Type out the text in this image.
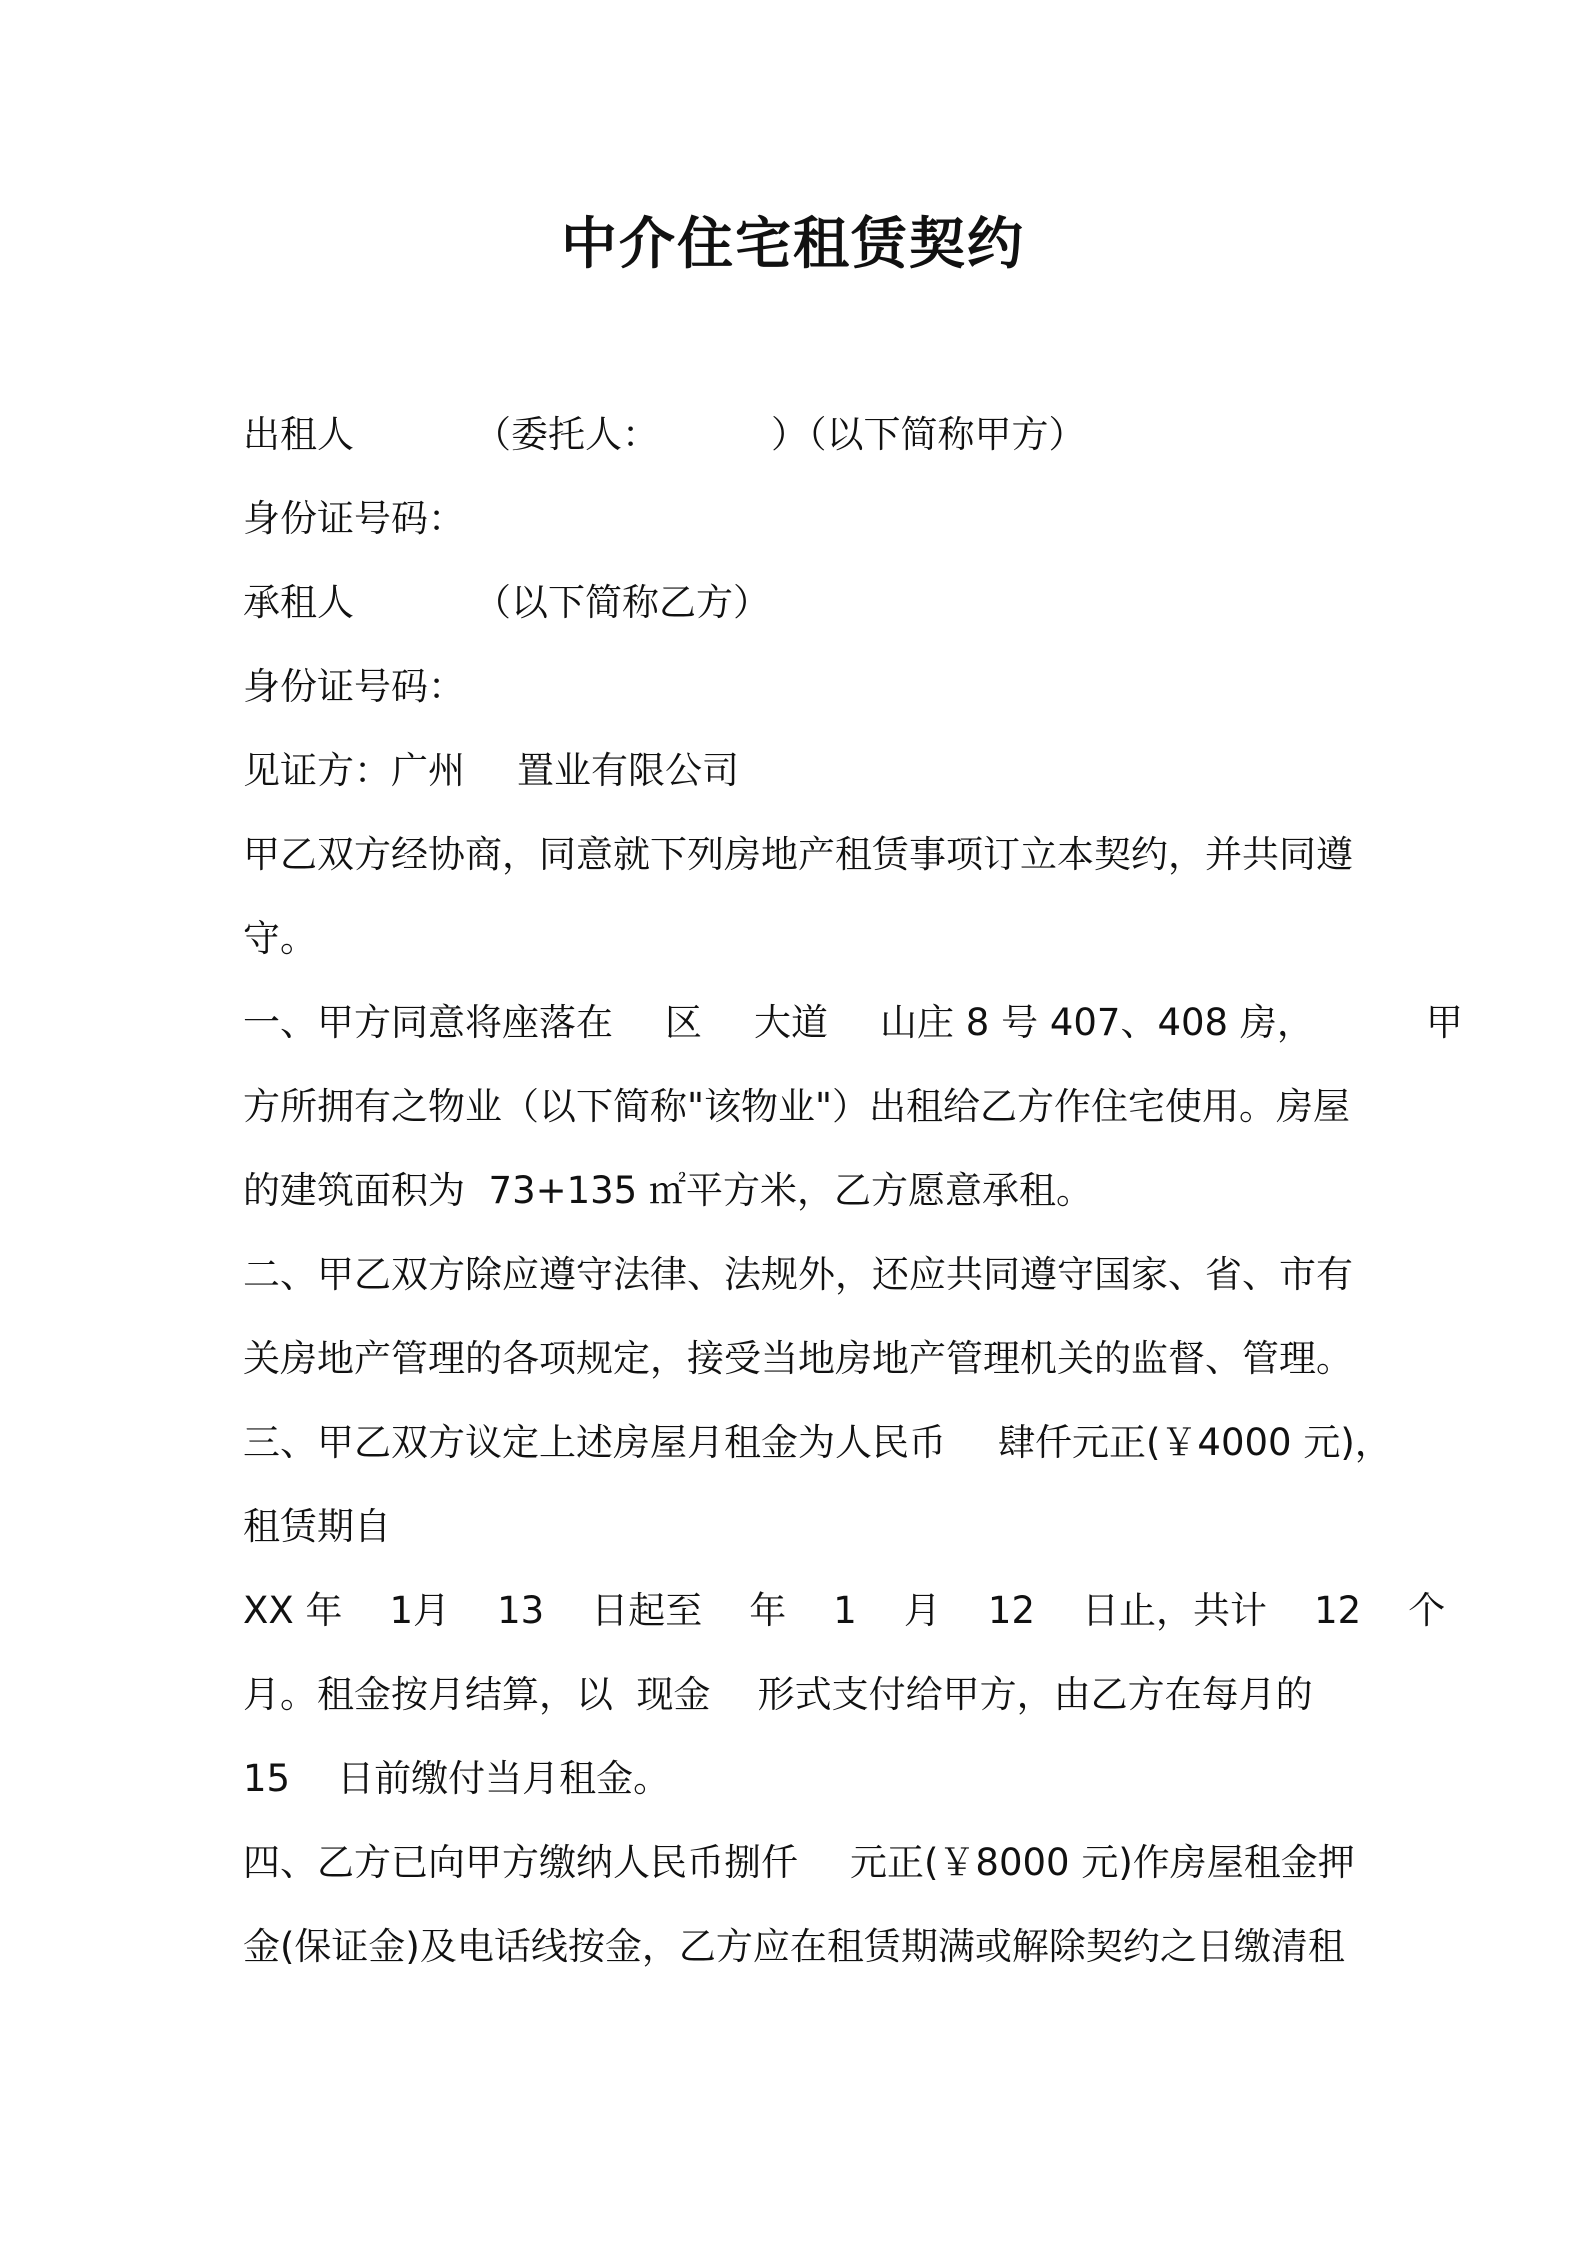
中介住宅租赁契约
出租人	（委托人：	）（以下简称甲方）
身份证号码：
承租人	（以下简称乙方）
身份证号码：
见证方：广州 置业有限公司
甲乙双方经协商，同意就下列房地产租赁事项订立本契约，并共同遵
守。
一、甲方同意将座落在 区 大道 山庄 8 号 407、408 房，	甲
方所拥有之物业（以下简称"该物业"）出租给乙方作住宅使用。房屋
的建筑面积为  73+135 ㎡平方米，乙方愿意承租。
二、甲乙双方除应遵守法律、法规外，还应共同遵守国家、省、市有
关房地产管理的各项规定，接受当地房地产管理机关的监督、管理。
三、甲乙双方议定上述房屋月租金为人民币 肆仟元正(￥4000 元)，
租赁期自
XX 年    1月    13    日起至    年    1    月    12    日止，共计    12    个
月。租金按月结算，以  现金    形式支付给甲方，由乙方在每月的
15    日前缴付当月租金。
四、乙方已向甲方缴纳人民币捌仟 元正(￥8000 元)作房屋租金押
金(保证金)及电话线按金，乙方应在租赁期满或解除契约之日缴清租
